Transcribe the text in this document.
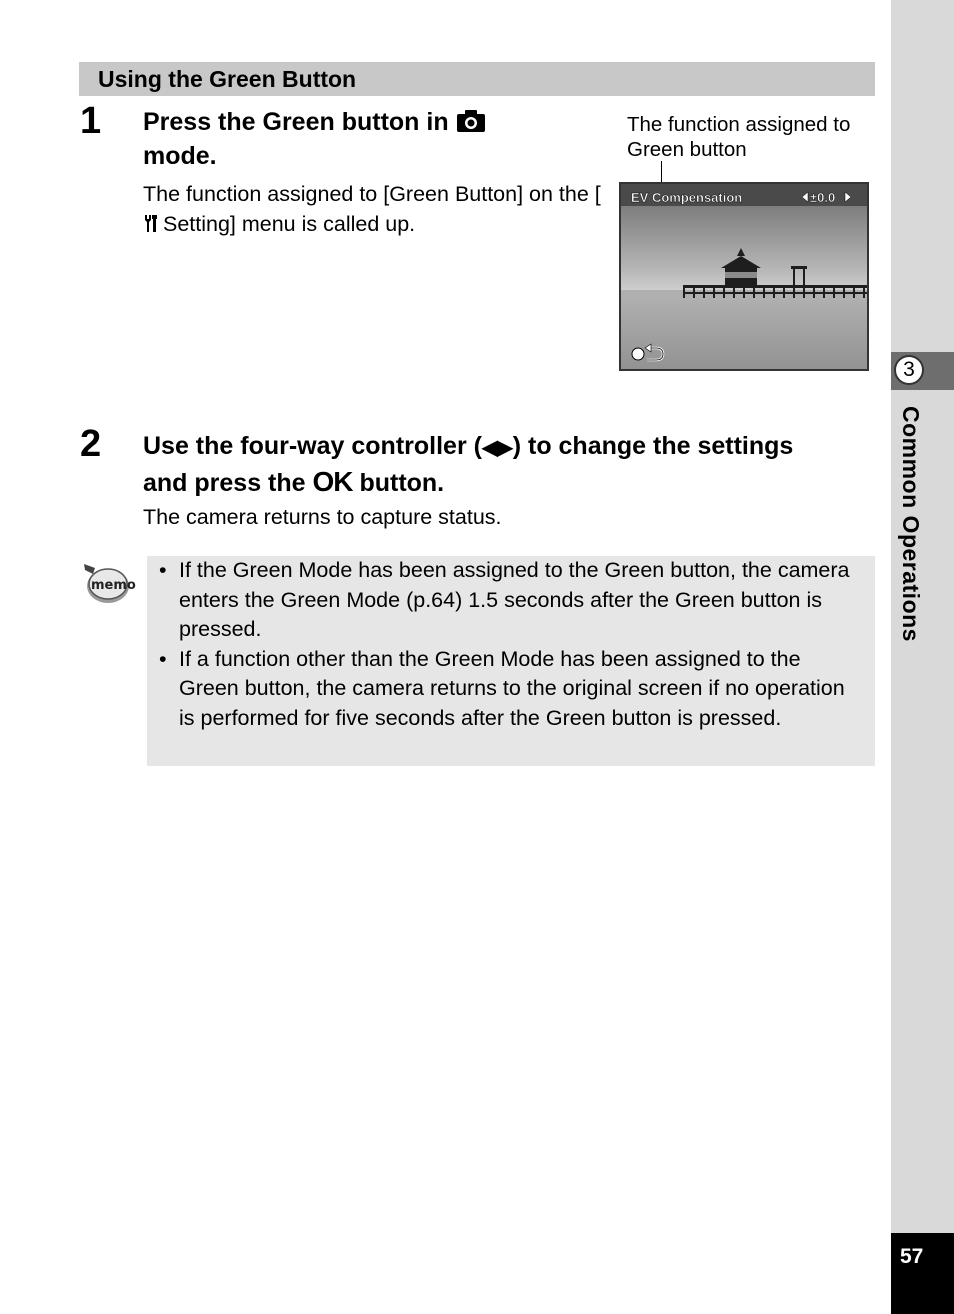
Using the Green Button
1 Press the Green button in
mode.
The function assigned to [Green Button] on the [ Setting] menu is called up.
The function assigned to Green button
EV Compensation	±0.0
2 Use the four-way controller (◀▶) to change the settings and press the OK button.
The camera returns to capture status.
memo
• If the Green Mode has been assigned to the Green button, the camera enters the Green Mode (p.64) 1.5 seconds after the Green button is pressed.
• If a function other than the Green Mode has been assigned to the Green button, the camera returns to the original screen if no operation is performed for five seconds after the Green button is pressed.
3
Common Operations
57
